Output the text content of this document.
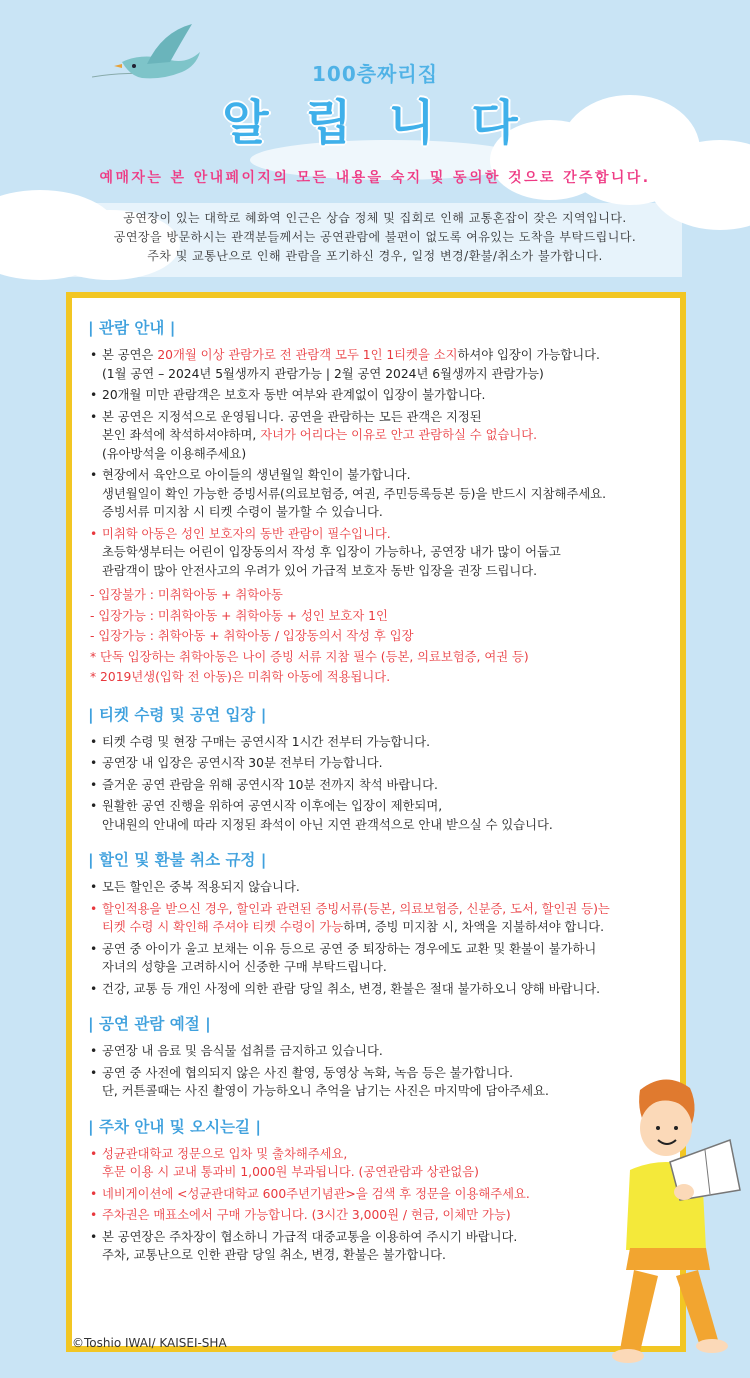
100층짜리집
알 립 니 다
예매자는 본 안내페이지의 모든 내용을 숙지 및 동의한 것으로 간주합니다.
공연장이 있는 대학로 혜화역 인근은 상습 정체 및 집회로 인해 교통혼잡이 잦은 지역입니다.
공연장을 방문하시는 관객분들께서는 공연관람에 불편이 없도록 여유있는 도착을 부탁드립니다.
주차 및 교통난으로 인해 관람을 포기하신 경우, 일정 변경/환불/취소가 불가합니다.
| 관람 안내 |
• 본 공연은 20개월 이상 관람가로 전 관람객 모두 1인 1티켓을 소지하셔야 입장이 가능합니다.
(1월 공연 – 2024년 5월생까지 관람가능 | 2월 공연 2024년 6월생까지 관람가능)
• 20개월 미만 관람객은 보호자 동반 여부와 관계없이 입장이 불가합니다.
• 본 공연은 지정석으로 운영됩니다. 공연을 관람하는 모든 관객은 지정된
본인 좌석에 착석하셔야하며, 자녀가 어리다는 이유로 안고 관람하실 수 없습니다.
(유아방석을 이용해주세요)
• 현장에서 육안으로 아이들의 생년월일 확인이 불가합니다.
생년월일이 확인 가능한 증빙서류(의료보험증, 여권, 주민등록등본 등)을 반드시 지참해주세요.
증빙서류 미지참 시 티켓 수령이 불가할 수 있습니다.
• 미취학 아동은 성인 보호자의 동반 관람이 필수입니다.
초등학생부터는 어린이 입장동의서 작성 후 입장이 가능하나, 공연장 내가 많이 어둡고
관람객이 많아 안전사고의 우려가 있어 가급적 보호자 동반 입장을 권장 드립니다.
- 입장불가 : 미취학아동 + 취학아동
- 입장가능 : 미취학아동 + 취학아동 + 성인 보호자 1인
- 입장가능 : 취학아동 + 취학아동 / 입장동의서 작성 후 입장
* 단독 입장하는 취학아동은 나이 증빙 서류 지참 필수 (등본, 의료보험증, 여권 등)
* 2019년생(입학 전 아동)은 미취학 아동에 적용됩니다.
| 티켓 수령 및 공연 입장 |
• 티켓 수령 및 현장 구매는 공연시작 1시간 전부터 가능합니다.
• 공연장 내 입장은 공연시작 30분 전부터 가능합니다.
• 즐거운 공연 관람을 위해 공연시작 10분 전까지 착석 바랍니다.
• 원활한 공연 진행을 위하여 공연시작 이후에는 입장이 제한되며,
안내원의 안내에 따라 지정된 좌석이 아닌 지연 관객석으로 안내 받으실 수 있습니다.
| 할인 및 환불 취소 규정 |
• 모든 할인은 중복 적용되지 않습니다.
• 할인적용을 받으신 경우, 할인과 관련된 증빙서류(등본, 의료보험증, 신분증, 도서, 할인권 등)는
티켓 수령 시 확인해 주셔야 티켓 수령이 가능하며, 증빙 미지참 시, 차액을 지불하셔야 합니다.
• 공연 중 아이가 울고 보채는 이유 등으로 공연 중 퇴장하는 경우에도 교환 및 환불이 불가하니
자녀의 성향을 고려하시어 신중한 구매 부탁드립니다.
• 건강, 교통 등 개인 사정에 의한 관람 당일 취소, 변경, 환불은 절대 불가하오니 양해 바랍니다.
| 공연 관람 예절 |
• 공연장 내 음료 및 음식물 섭취를 금지하고 있습니다.
• 공연 중 사전에 협의되지 않은 사진 촬영, 동영상 녹화, 녹음 등은 불가합니다.
단, 커튼콜때는 사진 촬영이 가능하오니 추억을 남기는 사진은 마지막에 담아주세요.
| 주차 안내 및 오시는길 |
• 성균관대학교 정문으로 입차 및 출차해주세요,
후문 이용 시 교내 통과비 1,000원 부과됩니다. (공연관람과 상관없음)
• 네비게이션에 <성균관대학교 600주년기념관>을 검색 후 정문을 이용해주세요.
• 주차권은 매표소에서 구매 가능합니다. (3시간 3,000원 / 현금, 이체만 가능)
• 본 공연장은 주차장이 협소하니 가급적 대중교통을 이용하여 주시기 바랍니다.
주차, 교통난으로 인한 관람 당일 취소, 변경, 환불은 불가합니다.
©Toshio IWAI/ KAISEI-SHA
